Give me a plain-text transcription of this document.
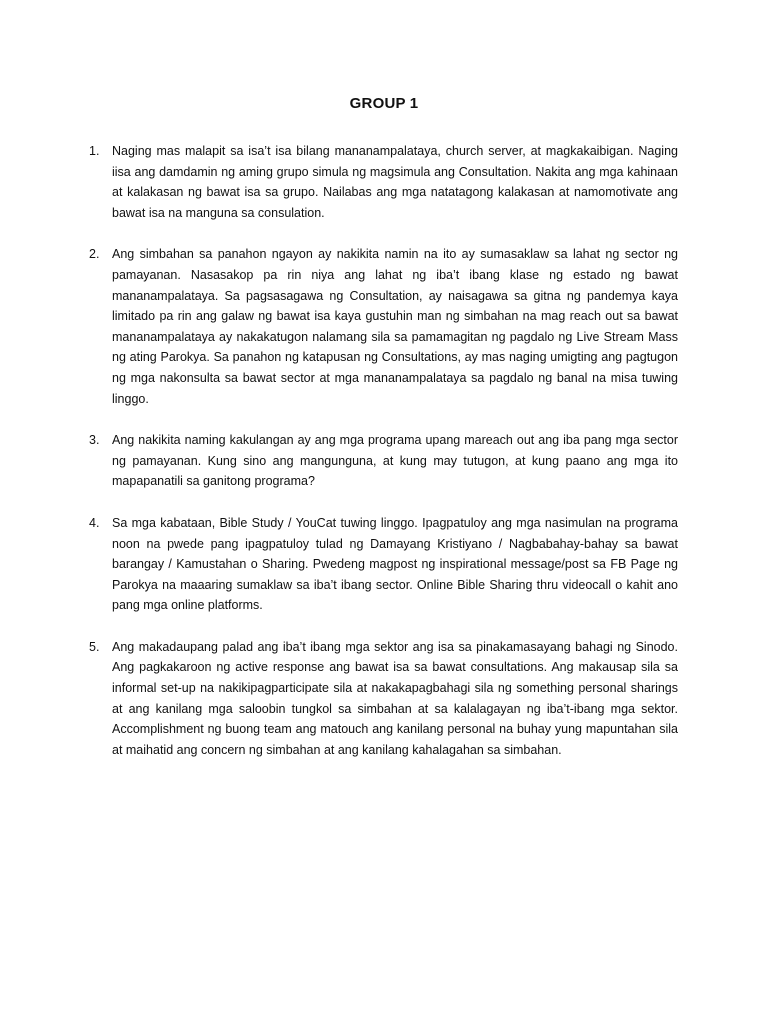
GROUP 1
1. Naging mas malapit sa isa’t isa bilang mananampalataya, church server, at magkakaibigan. Naging iisa ang damdamin ng aming grupo simula ng magsimula ang Consultation. Nakita ang mga kahinaan at kalakasan ng bawat isa sa grupo. Nailabas ang mga natatagong kalakasan at namomotivate ang bawat isa na manguna sa consulation.
2. Ang simbahan sa panahon ngayon ay nakikita namin na ito ay sumasaklaw sa lahat ng sector ng pamayanan. Nasasakop pa rin niya ang lahat ng iba’t ibang klase ng estado ng bawat mananampalataya. Sa pagsasagawa ng Consultation, ay naisagawa sa gitna ng pandemya kaya limitado pa rin ang galaw ng bawat isa kaya gustuhin man ng simbahan na mag reach out sa bawat mananampalataya ay nakakatugon nalamang sila sa pamamagitan ng pagdalo ng Live Stream Mass ng ating Parokya. Sa panahon ng katapusan ng Consultations, ay mas naging umigting ang pagtugon ng mga nakonsulta sa bawat sector at mga mananampalataya sa pagdalo ng banal na misa tuwing linggo.
3. Ang nakikita naming kakulangan ay ang mga programa upang mareach out ang iba pang mga sector ng pamayanan. Kung sino ang mangunguna, at kung may tutugon, at kung paano ang mga ito mapapanatili sa ganitong programa?
4. Sa mga kabataan, Bible Study / YouCat tuwing linggo. Ipagpatuloy ang mga nasimulan na programa noon na pwede pang ipagpatuloy tulad ng Damayang Kristiyano / Nagbabahay-bahay sa bawat barangay / Kamustahan o Sharing. Pwedeng magpost ng inspirational message/post sa FB Page ng Parokya na maaaring sumaklaw sa iba’t ibang sector. Online Bible Sharing thru videocall o kahit ano pang mga online platforms.
5. Ang makadaupang palad ang iba’t ibang mga sektor ang isa sa pinakamasayang bahagi ng Sinodo. Ang pagkakaroon ng active response ang bawat isa sa bawat consultations. Ang makausap sila sa informal set-up na nakikipagparticipate sila at nakakapagbahagi sila ng something personal sharings at ang kanilang mga saloobin tungkol sa simbahan at sa kalalagayan ng iba’t-ibang mga sektor. Accomplishment ng buong team ang matouch ang kanilang personal na buhay yung mapuntahan sila at maihatid ang concern ng simbahan at ang kanilang kahalagahan sa simbahan.
